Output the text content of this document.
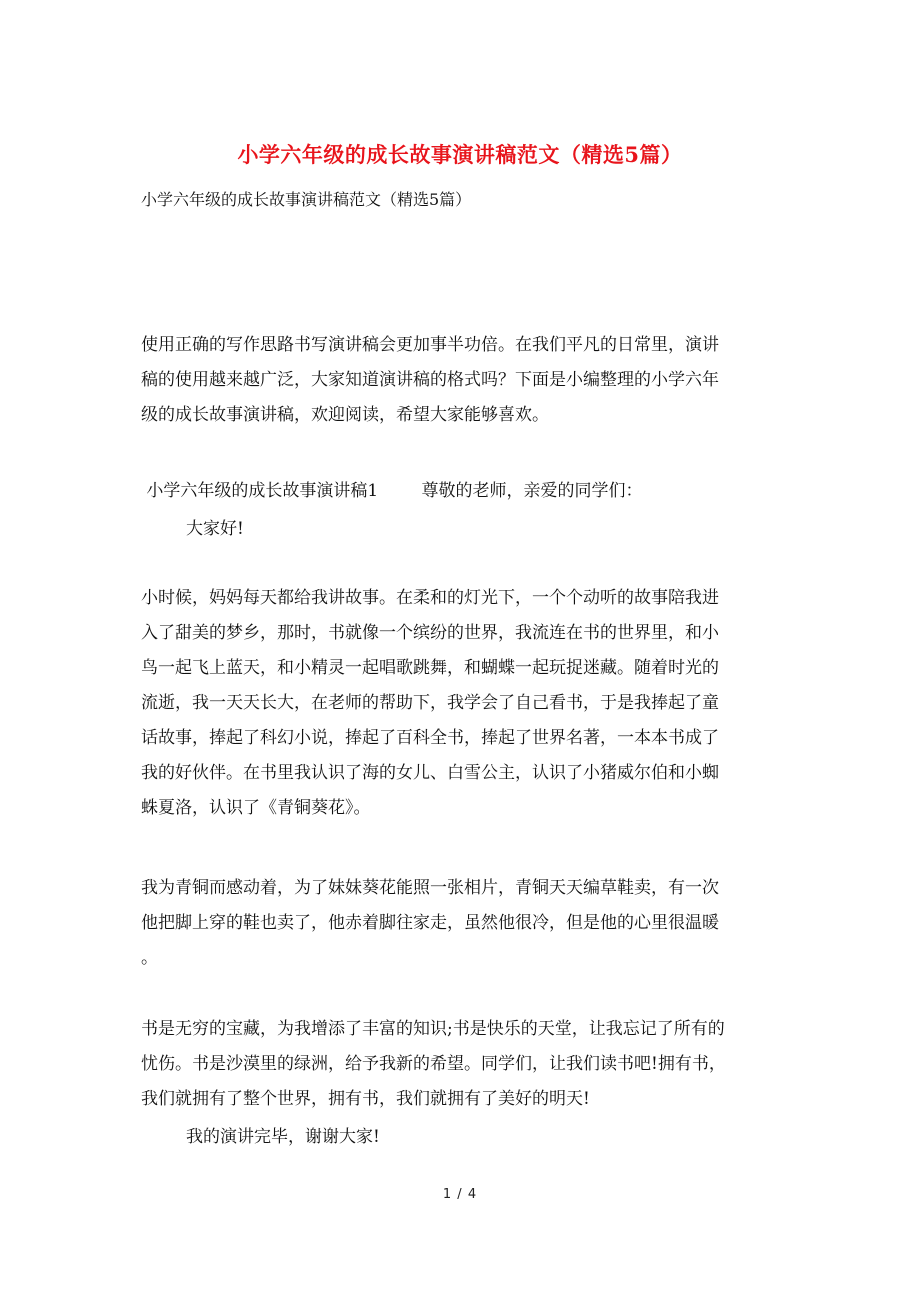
小学六年级的成长故事演讲稿范文（精选5篇）
小学六年级的成长故事演讲稿范文（精选5篇）
使用正确的写作思路书写演讲稿会更加事半功倍。在我们平凡的日常里，演讲
稿的使用越来越广泛，大家知道演讲稿的格式吗？下面是小编整理的小学六年
级的成长故事演讲稿，欢迎阅读，希望大家能够喜欢。
小学六年级的成长故事演讲稿1        尊敬的老师，亲爱的同学们：
大家好!
小时候，妈妈每天都给我讲故事。在柔和的灯光下，一个个动听的故事陪我进
入了甜美的梦乡，那时，书就像一个缤纷的世界，我流连在书的世界里，和小
鸟一起飞上蓝天，和小精灵一起唱歌跳舞，和蝴蝶一起玩捉迷藏。随着时光的
流逝，我一天天长大，在老师的帮助下，我学会了自己看书，于是我捧起了童
话故事，捧起了科幻小说，捧起了百科全书，捧起了世界名著，一本本书成了
我的好伙伴。在书里我认识了海的女儿、白雪公主，认识了小猪威尔伯和小蜘
蛛夏洛，认识了《青铜葵花》。
我为青铜而感动着，为了妹妹葵花能照一张相片，青铜天天编草鞋卖，有一次
他把脚上穿的鞋也卖了，他赤着脚往家走，虽然他很冷，但是他的心里很温暖
。
书是无穷的宝藏，为我增添了丰富的知识;书是快乐的天堂，让我忘记了所有的
忧伤。书是沙漠里的绿洲，给予我新的希望。同学们，让我们读书吧!拥有书，
我们就拥有了整个世界，拥有书，我们就拥有了美好的明天!
我的演讲完毕，谢谢大家!
1 / 4
